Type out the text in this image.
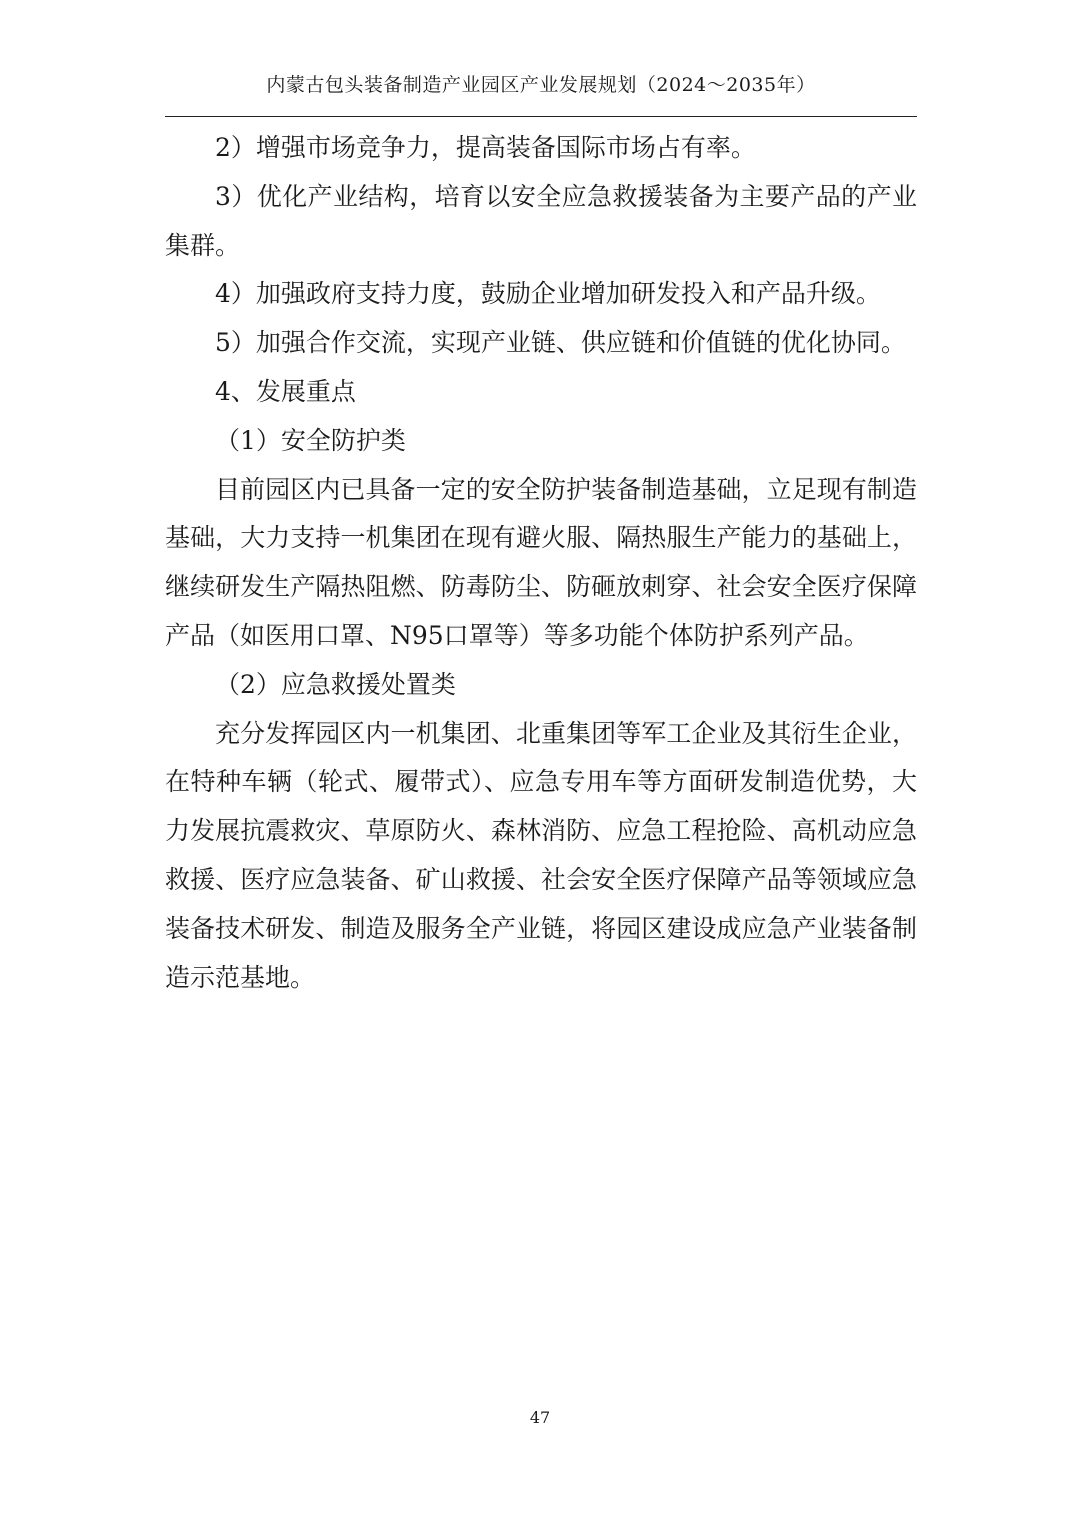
内蒙古包头装备制造产业园区产业发展规划（2024～2035年）

2）增强市场竞争力，提高装备国际市场占有率。

3）优化产业结构，培育以安全应急救援装备为主要产品的产业集群。

4）加强政府支持力度，鼓励企业增加研发投入和产品升级。

5）加强合作交流，实现产业链、供应链和价值链的优化协同。

4、发展重点

（1）安全防护类

目前园区内已具备一定的安全防护装备制造基础，立足现有制造基础，大力支持一机集团在现有避火服、隔热服生产能力的基础上，继续研发生产隔热阻燃、防毒防尘、防砸放刺穿、社会安全医疗保障产品（如医用口罩、N95口罩等）等多功能个体防护系列产品。

（2）应急救援处置类

充分发挥园区内一机集团、北重集团等军工企业及其衍生企业，在特种车辆（轮式、履带式）、应急专用车等方面研发制造优势，大力发展抗震救灾、草原防火、森林消防、应急工程抢险、高机动应急救援、医疗应急装备、矿山救援、社会安全医疗保障产品等领域应急装备技术研发、制造及服务全产业链，将园区建设成应急产业装备制造示范基地。

47
